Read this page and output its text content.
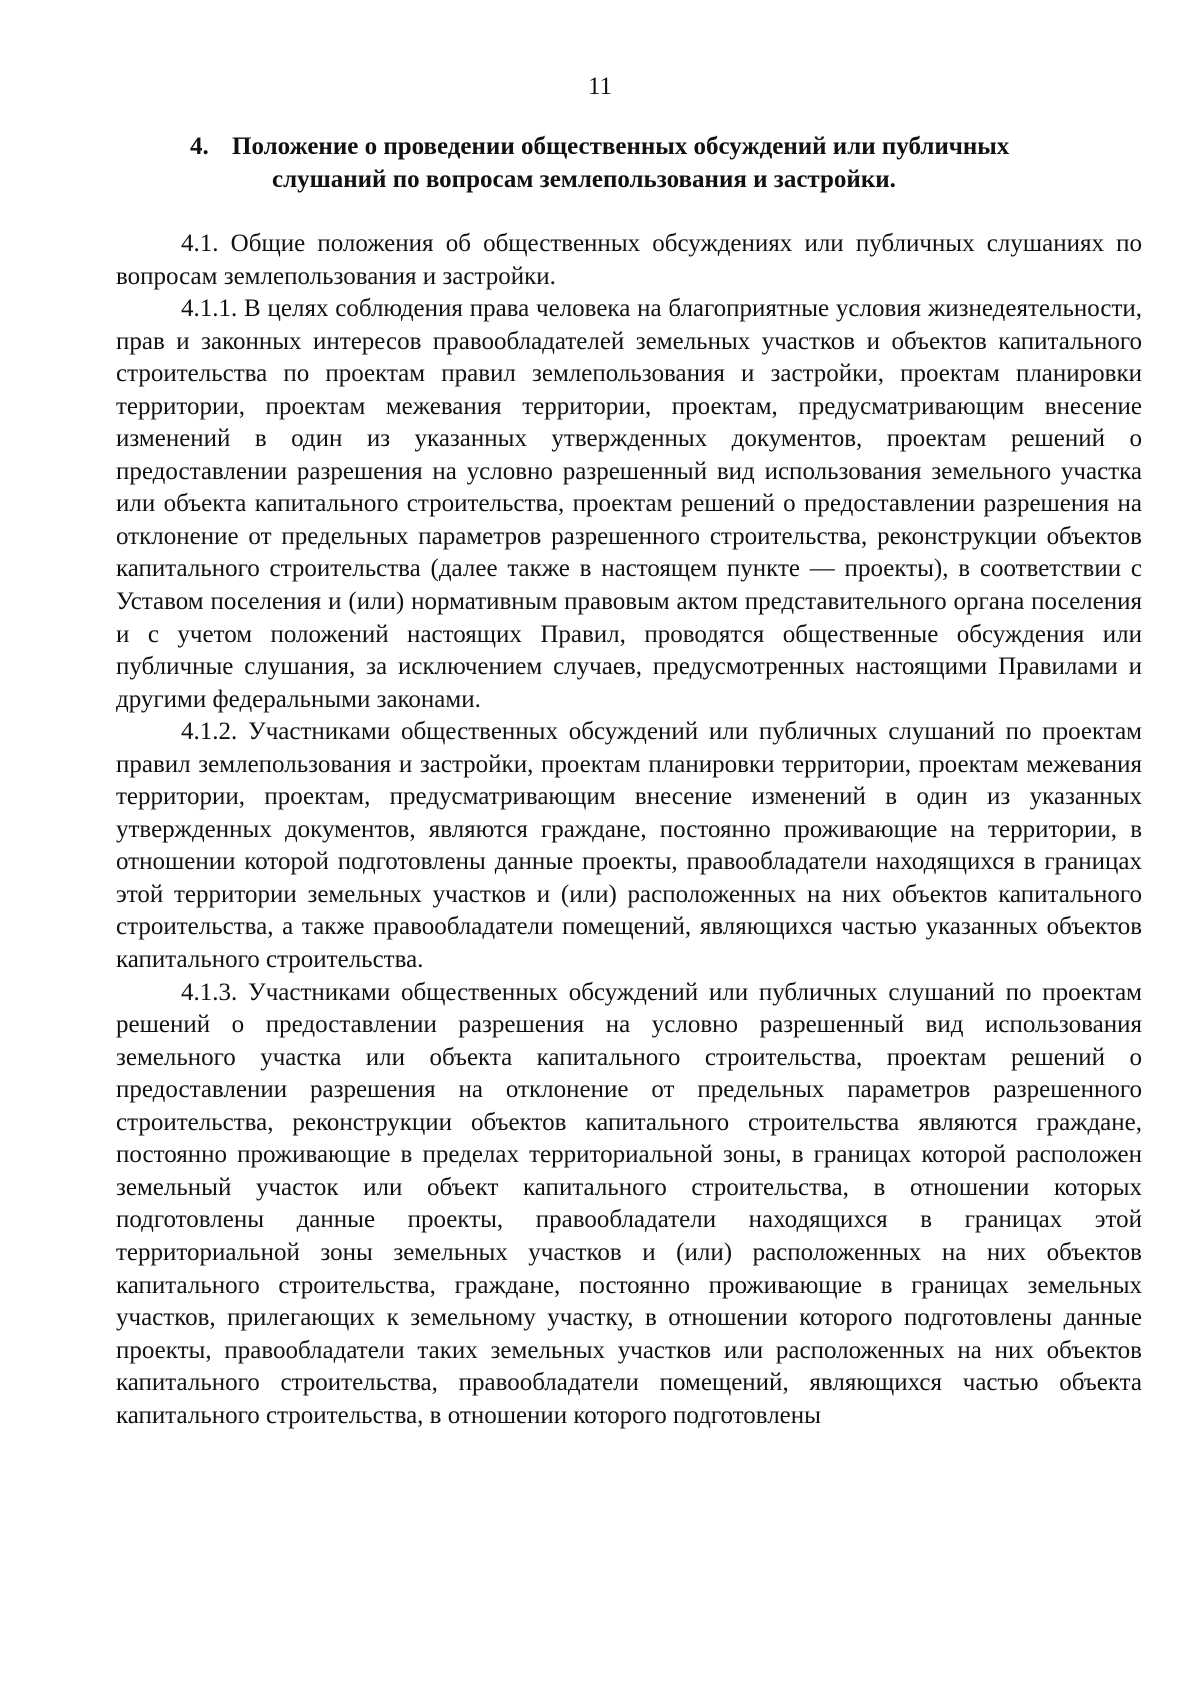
11
4. Положение о проведении общественных обсуждений или публичных
слушаний по вопросам землепользования и застройки.

4.1. Общие положения об общественных обсуждениях или публичных слушаниях по вопросам землепользования и застройки.

4.1.1. В целях соблюдения права человека на благоприятные условия жизнедеятельности, прав и законных интересов правообладателей земельных участков и объектов капитального строительства по проектам правил землепользования и застройки, проектам планировки территории, проектам межевания территории, проектам, предусматривающим внесение изменений в один из указанных утвержденных документов, проектам решений о предоставлении разрешения на условно разрешенный вид использования земельного участка или объекта капитального строительства, проектам решений о предоставлении разрешения на отклонение от предельных параметров разрешенного строительства, реконструкции объектов капитального строительства (далее также в настоящем пункте — проекты), в соответствии с Уставом поселения и (или) нормативным правовым актом представительного органа поселения и с учетом положений настоящих Правил, проводятся общественные обсуждения или публичные слушания, за исключением случаев, предусмотренных настоящими Правилами и другими федеральными законами.

4.1.2. Участниками общественных обсуждений или публичных слушаний по проектам правил землепользования и застройки, проектам планировки территории, проектам межевания территории, проектам, предусматривающим внесение изменений в один из указанных утвержденных документов, являются граждане, постоянно проживающие на территории, в отношении которой подготовлены данные проекты, правообладатели находящихся в границах этой территории земельных участков и (или) расположенных на них объектов капитального строительства, а также правообладатели помещений, являющихся частью указанных объектов капитального строительства.

4.1.3. Участниками общественных обсуждений или публичных слушаний по проектам решений о предоставлении разрешения на условно разрешенный вид использования земельного участка или объекта капитального строительства, проектам решений о предоставлении разрешения на отклонение от предельных параметров разрешенного строительства, реконструкции объектов капитального строительства являются граждане, постоянно проживающие в пределах территориальной зоны, в границах которой расположен земельный участок или объект капитального строительства, в отношении которых подготовлены данные проекты, правообладатели находящихся в границах этой территориальной зоны земельных участков и (или) расположенных на них объектов капитального строительства, граждане, постоянно проживающие в границах земельных участков, прилегающих к земельному участку, в отношении которого подготовлены данные проекты, правообладатели таких земельных участков или расположенных на них объектов капитального строительства, правообладатели помещений, являющихся частью объекта капитального строительства, в отношении которого подготовлены
